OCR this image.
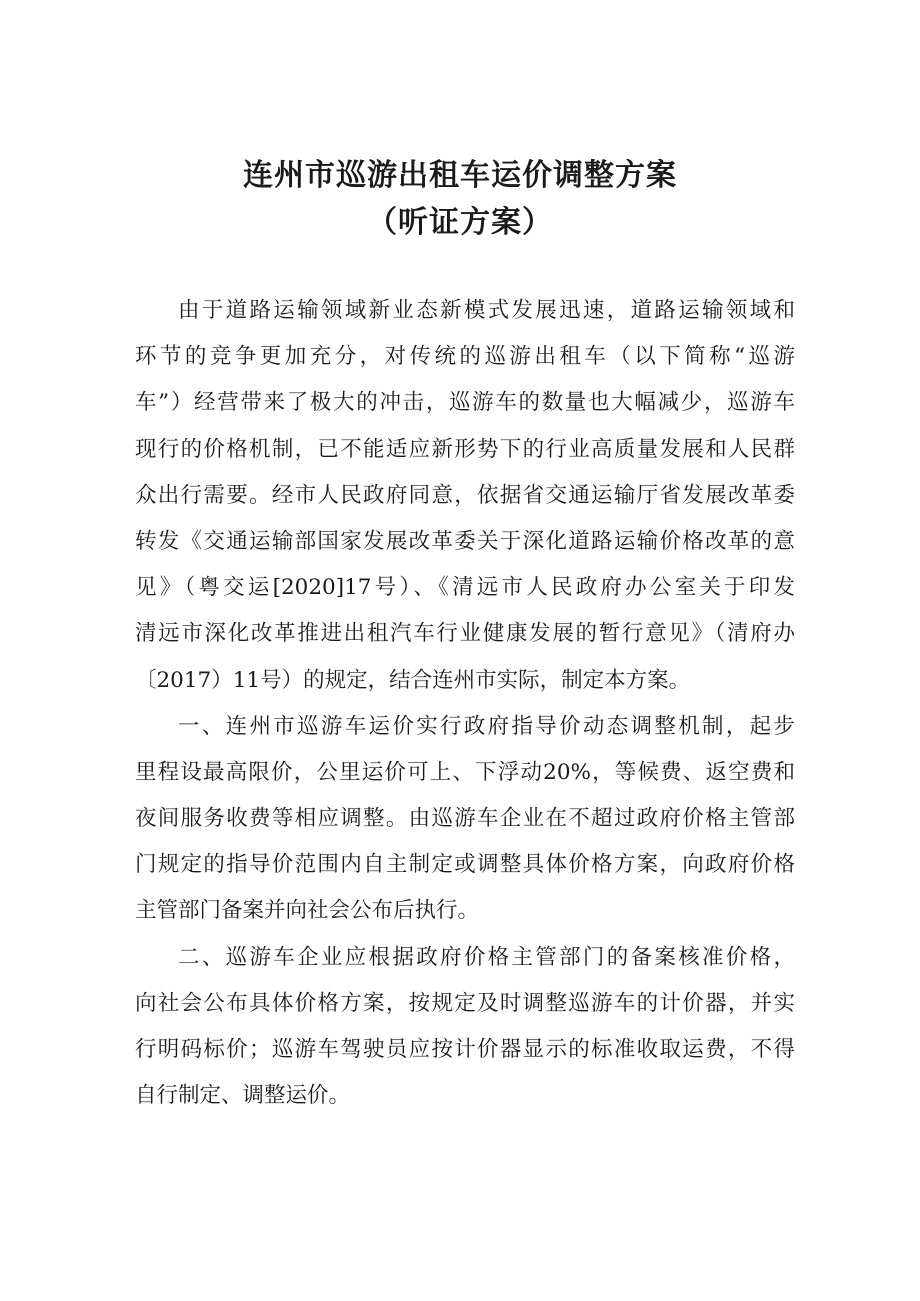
连州市巡游出租车运价调整方案
（听证方案）
由于道路运输领域新业态新模式发展迅速，道路运输领域和
环节的竞争更加充分，对传统的巡游出租车（以下简称“巡游
车”）经营带来了极大的冲击，巡游车的数量也大幅减少，巡游车
现行的价格机制，已不能适应新形势下的行业高质量发展和人民群
众出行需要。经市人民政府同意，依据省交通运输厅省发展改革委
转发《交通运输部国家发展改革委关于深化道路运输价格改革的意
见》（粤交运[2020]17号）、《清远市人民政府办公室关于印发
清远市深化改革推进出租汽车行业健康发展的暂行意见》（清府办
〔2017）11号）的规定，结合连州市实际，制定本方案。
一、连州市巡游车运价实行政府指导价动态调整机制，起步
里程设最高限价，公里运价可上、下浮动20%，等候费、返空费和
夜间服务收费等相应调整。由巡游车企业在不超过政府价格主管部
门规定的指导价范围内自主制定或调整具体价格方案，向政府价格
主管部门备案并向社会公布后执行。
二、巡游车企业应根据政府价格主管部门的备案核准价格，
向社会公布具体价格方案，按规定及时调整巡游车的计价器，并实
行明码标价；巡游车驾驶员应按计价器显示的标准收取运费，不得
自行制定、调整运价。
